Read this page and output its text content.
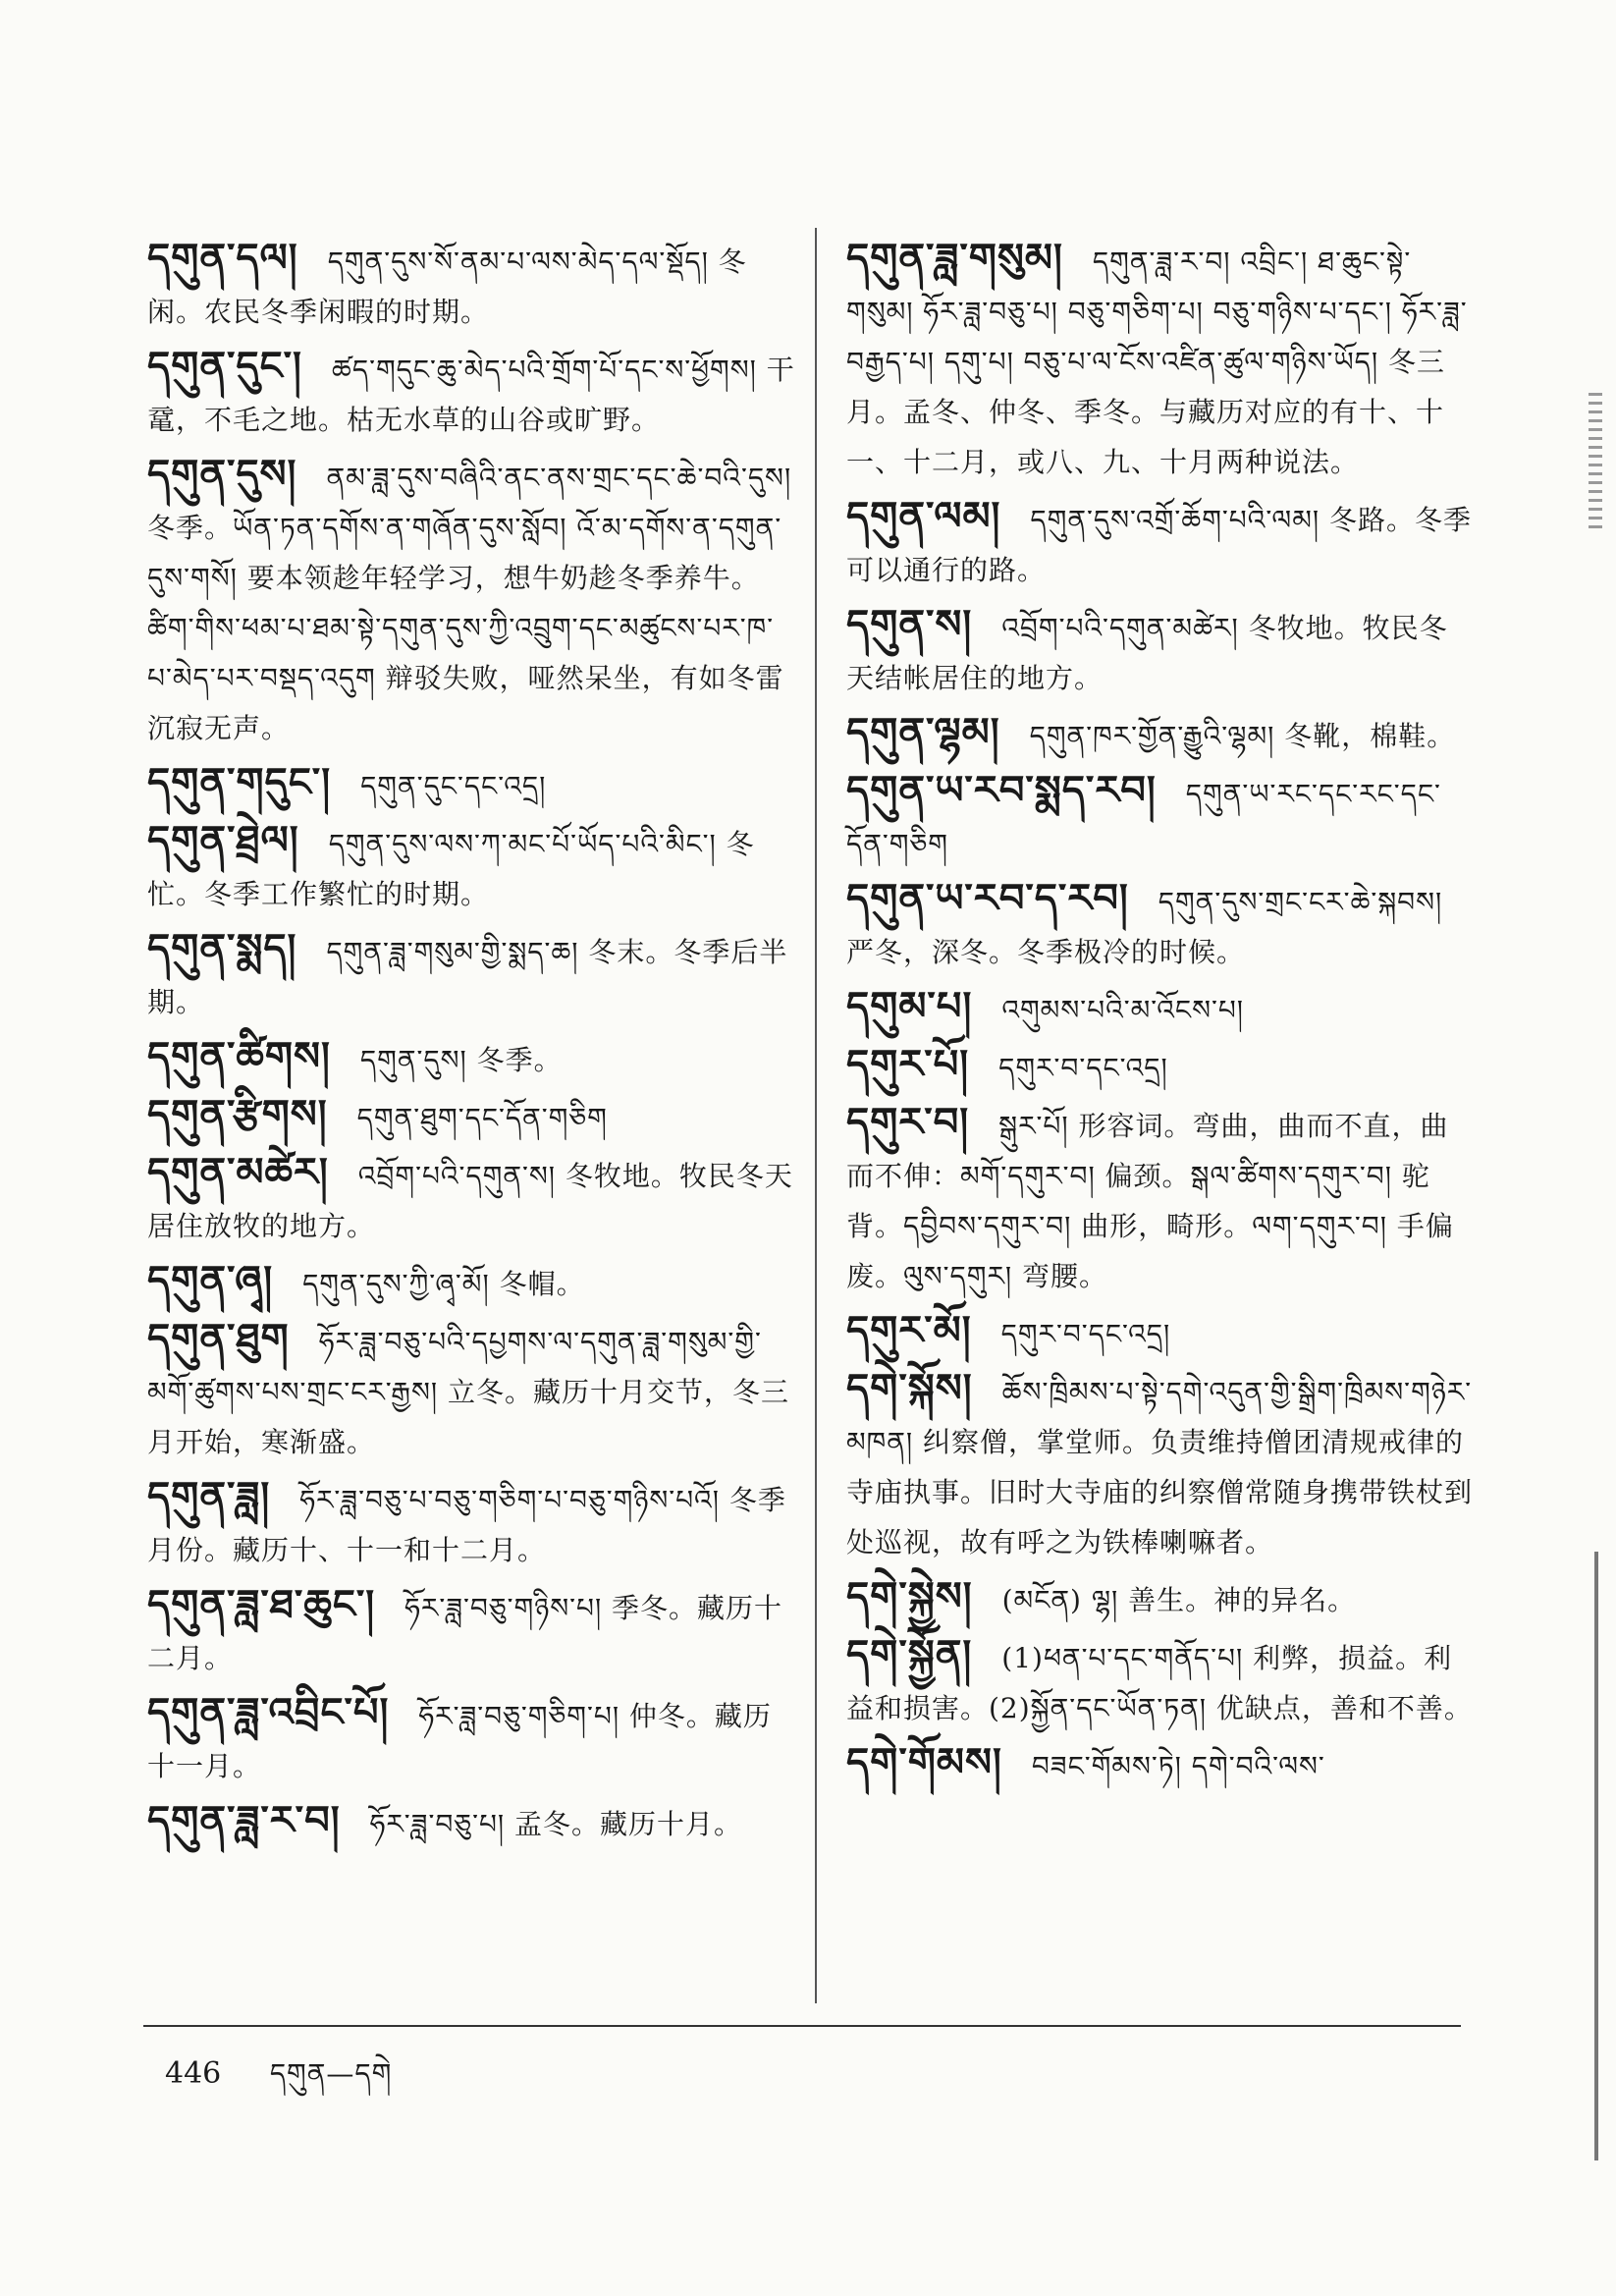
དགུན་དལ། དགུན་དུས་སོ་ནམ་པ་ལས་མེད་དལ་སྡོད། 冬闲。农民冬季闲暇的时期。
དགུན་དུང་། ཚད་གདུང་ཆུ་མེད་པའི་གྲོག་པོ་དང་ས་ཕྱོགས། 干鼋，不毛之地。枯无水草的山谷或旷野。
དགུན་དུས། ནམ་ཟླ་དུས་བཞིའི་ནང་ནས་གྲང་དང་ཆེ་བའི་དུས། 冬季。ཡོན་ཏན་དགོས་ན་གཞོན་དུས་སློབ། འོ་མ་དགོས་ན་དགུན་དུས་གསོ། 要本领趁年轻学习，想牛奶趁冬季养牛。ཚིག་གིས་ཕམ་པ་ཐམ་སྟེ་དགུན་དུས་ཀྱི་འབྲུག་དང་མཚུངས་པར་ཁ་པ་མེད་པར་བསྡད་འདུག 辩驳失败，哑然呆坐，有如冬雷沉寂无声。
དགུན་གདུང་། དགུན་དུང་དང་འདྲ།
དགུན་ཐྲེལ། དགུན་དུས་ལས་ཀ་མང་པོ་ཡོད་པའི་མིང་། 冬忙。冬季工作繁忙的时期。
དགུན་སྨད། དགུན་ཟླ་གསུམ་གྱི་སྨད་ཆ། 冬末。冬季后半期。
དགུན་ཚིགས། དགུན་དུས། 冬季。
དགུན་རྩིགས། དགུན་ཐུག་དང་དོན་གཅིག
དགུན་མཚེར། འབྲོག་པའི་དགུན་ས། 冬牧地。牧民冬天居住放牧的地方。
དགུན་ཞྭ། དགུན་དུས་ཀྱི་ཞྭ་མོ། 冬帽。
དགུན་ཐུག ཧོར་ཟླ་བཅུ་པའི་དཔྱགས་ལ་དགུན་ཟླ་གསུམ་གྱི་མགོ་ཚུགས་པས་གྲང་ངར་རྒྱས། 立冬。藏历十月交节，冬三月开始，寒渐盛。
དགུན་ཟླ། ཧོར་ཟླ་བཅུ་པ་བཅུ་གཅིག་པ་བཅུ་གཉིས་པའོ། 冬季月份。藏历十、十一和十二月。
དགུན་ཟླ་ཐ་ཆུང་། ཧོར་ཟླ་བཅུ་གཉིས་པ། 季冬。藏历十二月。
དགུན་ཟླ་འབྲིང་པོ། ཧོར་ཟླ་བཅུ་གཅིག་པ། 仲冬。藏历十一月。
དགུན་ཟླ་ར་བ། ཧོར་ཟླ་བཅུ་པ། 孟冬。藏历十月。
དགུན་ཟླ་གསུམ། དགུན་ཟླ་ར་བ། འབྲིང་། ཐ་ཆུང་སྟེ་གསུམ། ཧོར་ཟླ་བཅུ་པ། བཅུ་གཅིག་པ། བཅུ་གཉིས་པ་དང་། ཧོར་ཟླ་བརྒྱད་པ། དགུ་པ། བཅུ་པ་ལ་ངོས་འཛིན་ཚུལ་གཉིས་ཡོད། 冬三月。孟冬、仲冬、季冬。与藏历对应的有十、十一、十二月，或八、九、十月两种说法。
དགུན་ལམ། དགུན་དུས་འགྲོ་ཆོག་པའི་ལམ། 冬路。冬季可以通行的路。
དགུན་ས། འབྲོག་པའི་དགུན་མཚེར། 冬牧地。牧民冬天结帐居住的地方。
དགུན་ལྷམ། དགུན་ཁར་གྱོན་རྒྱུའི་ལྷམ། 冬靴，棉鞋。
དགུན་ཡ་རབ་སྨད་རབ། དགུན་ཡ་རང་དང་རང་དང་དོན་གཅིག
དགུན་ཡ་རབ་ད་རབ། དགུན་དུས་གྲང་ངར་ཆེ་སྐབས། 严冬，深冬。冬季极冷的时候。
དགུམ་པ། འགུམས་པའི་མ་འོངས་པ།
དགུར་པོ། དགུར་བ་དང་འདྲ།
དགུར་བ། སྒུར་པོ། 形容词。弯曲，曲而不直，曲而不伸：མགོ་དགུར་བ། 偏颈。སྒལ་ཚིགས་དགུར་བ། 驼背。དབྱིབས་དགུར་བ། 曲形，畸形。ལག་དགུར་བ། 手偏废。ལུས་དགུར། 弯腰。
དགུར་མོ། དགུར་བ་དང་འདྲ།
དགེ་སྐོས། ཆོས་ཁྲིམས་པ་སྟེ་དགེ་འདུན་གྱི་སྒྲིག་ཁྲིམས་གཉེར་མཁན། 纠察僧，掌堂师。负责维持僧团清规戒律的寺庙执事。旧时大寺庙的纠察僧常随身携带铁杖到处巡视，故有呼之为铁棒喇嘛者。
དགེ་སྐྱེས། (མངོན) ལྷ། 善生。神的异名。
དགེ་སྐྱོན། (1)ཕན་པ་དང་གནོད་པ། 利弊，损益。利益和损害。(2)སྐྱོན་དང་ཡོན་ཏན། 优缺点，善和不善。
དགེ་གོམས། བཟང་གོམས་ཏེ། དགེ་བའི་ལས་
446 དགུན—དགེ
